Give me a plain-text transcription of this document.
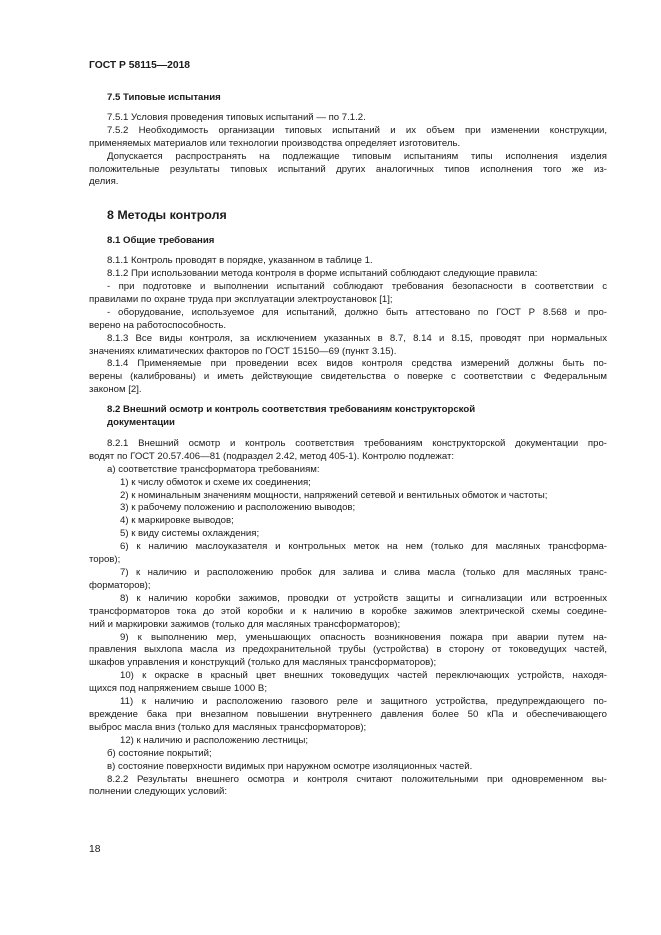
ГОСТ Р 58115—2018
7.5 Типовые испытания
7.5.1 Условия проведения типовых испытаний — по 7.1.2.
7.5.2 Необходимость организации типовых испытаний и их объем при изменении конструкции,
применяемых материалов или технологии производства определяет изготовитель.
Допускается распространять на подлежащие типовым испытаниям типы исполнения изделия
положительные результаты типовых испытаний других аналогичных типов исполнения того же из-
делия.
8 Методы контроля
8.1 Общие требования
8.1.1 Контроль проводят в порядке, указанном в таблице 1.
8.1.2 При использовании метода контроля в форме испытаний соблюдают следующие правила:
- при подготовке и выполнении испытаний соблюдают требования безопасности в соответствии с
правилами по охране труда при эксплуатации электроустановок [1];
- оборудование, используемое для испытаний, должно быть аттестовано по ГОСТ Р 8.568 и про-
верено на работоспособность.
8.1.3 Все виды контроля, за исключением указанных в 8.7, 8.14 и 8.15, проводят при нормальных
значениях климатических факторов по ГОСТ 15150—69 (пункт 3.15).
8.1.4 Применяемые при проведении всех видов контроля средства измерений должны быть по-
верены (калиброваны) и иметь действующие свидетельства о поверке с соответствии с Федеральным
законом [2].
8.2 Внешний осмотр и контроль соответствия требованиям конструкторской
документации
8.2.1 Внешний осмотр и контроль соответствия требованиям конструкторской документации про-
водят по ГОСТ 20.57.406—81 (подраздел 2.42, метод 405-1). Контролю подлежат:
а) соответствие трансформатора требованиям:
1) к числу обмоток и схеме их соединения;
2) к номинальным значениям мощности, напряжений сетевой и вентильных обмоток и частоты;
3) к рабочему положению и расположению выводов;
4) к маркировке выводов;
5) к виду системы охлаждения;
6) к наличию маслоуказателя и контрольных меток на нем (только для масляных трансформа-
торов);
7) к наличию и расположению пробок для залива и слива масла (только для масляных транс-
форматоров);
8) к наличию коробки зажимов, проводки от устройств защиты и сигнализации или встроенных
трансформаторов тока до этой коробки и к наличию в коробке зажимов электрической схемы соедине-
ний и маркировки зажимов (только для масляных трансформаторов);
9) к выполнению мер, уменьшающих опасность возникновения пожара при аварии путем на-
правления выхлопа масла из предохранительной трубы (устройства) в сторону от токоведущих частей,
шкафов управления и конструкций (только для масляных трансформаторов);
10) к окраске в красный цвет внешних токоведущих частей переключающих устройств, находя-
щихся под напряжением свыше 1000 В;
11) к наличию и расположению газового реле и защитного устройства, предупреждающего по-
вреждение бака при внезапном повышении внутреннего давления более 50 кПа и обеспечивающего
выброс масла вниз (только для масляных трансформаторов);
12) к наличию и расположению лестницы;
б) состояние покрытий;
в) состояние поверхности видимых при наружном осмотре изоляционных частей.
8.2.2 Результаты внешнего осмотра и контроля считают положительными при одновременном вы-
полнении следующих условий:
18
